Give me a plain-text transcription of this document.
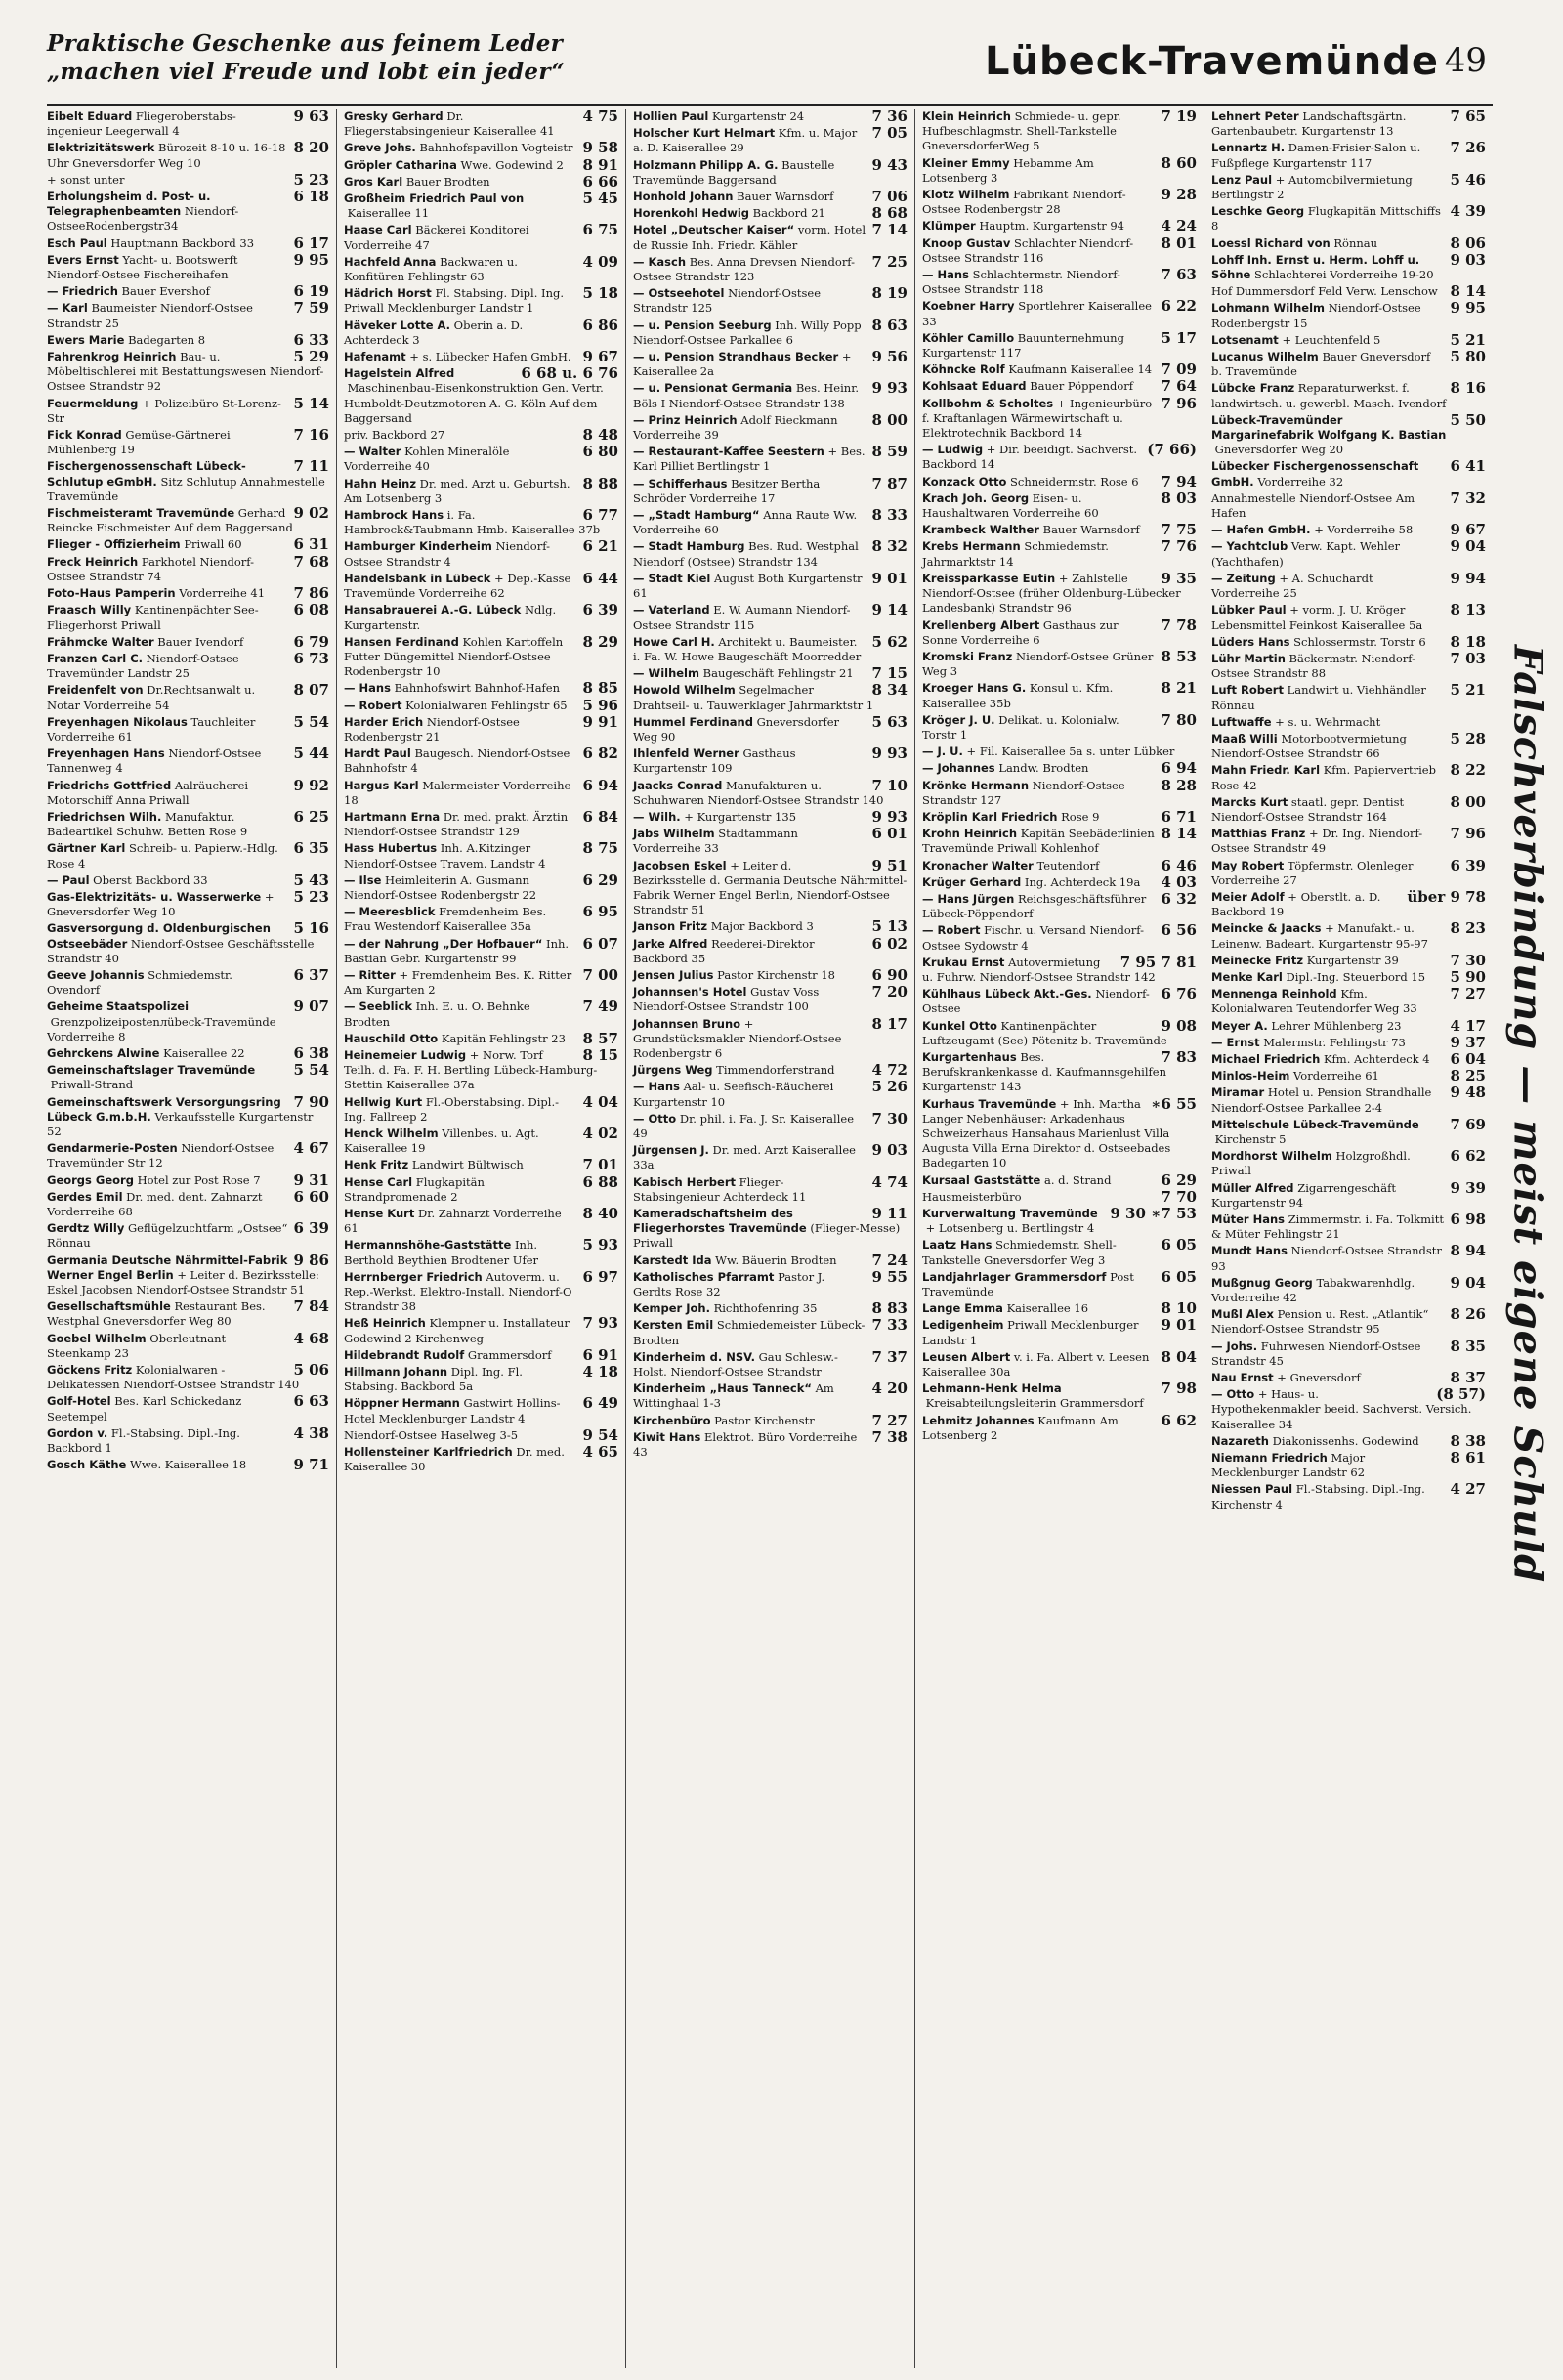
Praktische Geschenke aus feinem Leder
„machen viel Freude und lobt ein jeder“	Lübeck-Travemünde 49
9 63
Eibelt Eduard Fliegeroberstabs-ingenieur Leegerwall 4
8 20
Elektrizitätswerk Bürozeit 8-10 u. 16-18 Uhr Gneversdorfer Weg 10
5 23
+ sonst unter
6 18
Erholungsheim d. Post- u. Telegraphenbeamten Niendorf-OstseeRodenbergstr34
6 17
Esch Paul Hauptmann Backbord 33
9 95
Evers Ernst Yacht- u. Bootswerft Niendorf-Ostsee Fischereihafen
6 19
— Friedrich Bauer Evershof
7 59
— Karl Baumeister Niendorf-Ostsee Strandstr 25
6 33
Ewers Marie Badegarten 8
5 29
Fahrenkrog Heinrich Bau- u. Möbeltischlerei mit Bestattungswesen Niendorf-Ostsee Strandstr 92
5 14
Feuermeldung + Polizeibüro St-Lorenz-Str
7 16
Fick Konrad Gemüse-Gärtnerei Mühlenberg 19
7 11
Fischergenossenschaft Lübeck-Schlutup eGmbH. Sitz Schlutup Annahmestelle Travemünde
9 02
Fischmeisteramt Travemünde Gerhard Reincke Fischmeister Auf dem Baggersand
6 31
Flieger - Offizierheim Priwall 60
7 68
Freck Heinrich Parkhotel Niendorf-Ostsee Strandstr 74
7 86
Foto-Haus Pamperin Vorderreihe 41
6 08
Fraasch Willy Kantinenpächter See-Fliegerhorst Priwall
6 79
Frähmcke Walter Bauer Ivendorf
6 73
Franzen Carl C. Niendorf-Ostsee Travemünder Landstr 25
8 07
Freidenfelt von Dr.Rechtsanwalt u. Notar Vorderreihe 54
5 54
Freyenhagen Nikolaus Tauchleiter Vorderreihe 61
5 44
Freyenhagen Hans Niendorf-Ostsee Tannenweg 4
9 92
Friedrichs Gottfried Aalräucherei Motorschiff Anna Priwall
6 25
Friedrichsen Wilh. Manufaktur. Badeartikel Schuhw. Betten Rose 9
6 35
Gärtner Karl Schreib- u. Papierw.-Hdlg. Rose 4
5 43
— Paul Oberst Backbord 33
5 23
Gas-Elektrizitäts- u. Wasserwerke + Gneversdorfer Weg 10
5 16
Gasversorgung d. Oldenburgischen Ostseebäder Niendorf-Ostsee Geschäftsstelle Strandstr 40
6 37
Geeve Johannis Schmiedemstr. Ovendorf
9 07
Geheime Staatspolizei Grenzpolizeipostenлübeck-Travemünde Vorderreihe 8
6 38
Gehrckens Alwine Kaiserallee 22
5 54
Gemeinschaftslager Travemünde Priwall-Strand
7 90
Gemeinschaftswerk Versorgungsring Lübeck G.m.b.H. Verkaufsstelle Kurgartenstr 52
4 67
Gendarmerie-Posten Niendorf-Ostsee Travemünder Str 12
9 31
Georgs Georg Hotel zur Post Rose 7
6 60
Gerdes Emil Dr. med. dent. Zahnarzt Vorderreihe 68
6 39
Gerdtz Willy Geflügelzuchtfarm „Ostsee“ Rönnau
9 86
Germania Deutsche Nährmittel-Fabrik Werner Engel Berlin + Leiter d. Bezirksstelle: Eskel Jacobsen Niendorf-Ostsee Strandstr 51
7 84
Gesellschaftsmühle Restaurant Bes. Westphal Gneversdorfer Weg 80
4 68
Goebel Wilhelm Oberleutnant Steenkamp 23
5 06
Göckens Fritz Kolonialwaren - Delikatessen Niendorf-Ostsee Strandstr 140
6 63
Golf-Hotel Bes. Karl Schickedanz Seetempel
4 38
Gordon v. Fl.-Stabsing. Dipl.-Ing. Backbord 1
9 71
Gosch Käthe Wwe. Kaiserallee 18
4 75
Gresky Gerhard Dr. Fliegerstabsingenieur Kaiserallee 41
9 58
Greve Johs. Bahnhofspavillon Vogteistr
8 91
Gröpler Catharina Wwe. Godewind 2
6 66
Gros Karl Bauer Brodten
5 45
Großheim Friedrich Paul von Kaiserallee 11
6 75
Haase Carl Bäckerei Konditorei Vorderreihe 47
4 09
Hachfeld Anna Backwaren u. Konfitüren Fehlingstr 63
5 18
Hädrich Horst Fl. Stabsing. Dipl. Ing. Priwall Mecklenburger Landstr 1
6 86
Häveker Lotte A. Oberin a. D. Achterdeck 3
9 67
Hafenamt + s. Lübecker Hafen GmbH.
6 68 u. 6 76
Hagelstein Alfred Maschinenbau-Eisenkonstruktion Gen. Vertr. Humboldt-Deutzmotoren A. G. Köln Auf dem Baggersand
8 48
priv. Backbord 27
6 80
— Walter Kohlen Mineralöle Vorderreihe 40
8 88
Hahn Heinz Dr. med. Arzt u. Geburtsh. Am Lotsenberg 3
6 77
Hambrock Hans i. Fa. Hambrock&Taubmann Hmb. Kaiserallee 37b
6 21
Hamburger Kinderheim Niendorf-Ostsee Strandstr 4
6 44
Handelsbank in Lübeck + Dep.-Kasse Travemünde Vorderreihe 62
6 39
Hansabrauerei A.-G. Lübeck Ndlg. Kurgartenstr.
8 29
Hansen Ferdinand Kohlen Kartoffeln Futter Düngemittel Niendorf-Ostsee Rodenbergstr 10
8 85
— Hans Bahnhofswirt Bahnhof-Hafen
5 96
— Robert Kolonialwaren Fehlingstr 65
9 91
Harder Erich Niendorf-Ostsee Rodenbergstr 21
6 82
Hardt Paul Baugesch. Niendorf-Ostsee Bahnhofstr 4
6 94
Hargus Karl Malermeister Vorderreihe 18
6 84
Hartmann Erna Dr. med. prakt. Ärztin Niendorf-Ostsee Strandstr 129
8 75
Hass Hubertus Inh. A.Kitzinger Niendorf-Ostsee Travem. Landstr 4
6 29
— Ilse Heimleiterin A. Gusmann Niendorf-Ostsee Rodenbergstr 22
6 95
— Meeresblick Fremdenheim Bes. Frau Westendorf Kaiserallee 35a
6 07
— der Nahrung „Der Hofbauer“ Inh. Bastian Gebr. Kurgartenstr 99
7 00
— Ritter + Fremdenheim Bes. K. Ritter Am Kurgarten 2
7 49
— Seeblick Inh. E. u. O. Behnke Brodten
8 57
Hauschild Otto Kapitän Fehlingstr 23
8 15
Heinemeier Ludwig + Norw. Torf Teilh. d. Fa. F. H. Bertling Lübeck-Hamburg-Stettin Kaiserallee 37a
4 04
Hellwig Kurt Fl.-Oberstabsing. Dipl.-Ing. Fallreep 2
4 02
Henck Wilhelm Villenbes. u. Agt. Kaiserallee 19
7 01
Henk Fritz Landwirt Bültwisch
6 88
Hense Carl Flugkapitän Strandpromenade 2
8 40
Hense Kurt Dr. Zahnarzt Vorderreihe 61
5 93
Hermannshöhe-Gaststätte Inh. Berthold Beythien Brodtener Ufer
6 97
Herrnberger Friedrich Autoverm. u. Rep.-Werkst. Elektro-Install. Niendorf-O Strandstr 38
7 93
Heß Heinrich Klempner u. Installateur Godewind 2 Kirchenweg
6 91
Hildebrandt Rudolf Grammersdorf
4 18
Hillmann Johann Dipl. Ing. Fl. Stabsing. Backbord 5a
6 49
Höppner Hermann Gastwirt Hollins-Hotel Mecklenburger Landstr 4
9 54
Niendorf-Ostsee Haselweg 3-5
4 65
Hollensteiner Karlfriedrich Dr. med. Kaiserallee 30
7 36
Hollien Paul Kurgartenstr 24
7 05
Holscher Kurt Helmart Kfm. u. Major a. D. Kaiserallee 29
9 43
Holzmann Philipp A. G. Baustelle Travemünde Baggersand
7 06
Honhold Johann Bauer Warnsdorf
8 68
Horenkohl Hedwig Backbord 21
7 14
Hotel „Deutscher Kaiser“ vorm. Hotel de Russie Inh. Friedr. Kähler
7 25
— Kasch Bes. Anna Drevsen Niendorf-Ostsee Strandstr 123
8 19
— Ostseehotel Niendorf-Ostsee Strandstr 125
8 63
— u. Pension Seeburg Inh. Willy Popp Niendorf-Ostsee Parkallee 6
9 56
— u. Pension Strandhaus Becker + Kaiserallee 2a
9 93
— u. Pensionat Germania Bes. Heinr. Böls I Niendorf-Ostsee Strandstr 138
8 00
— Prinz Heinrich Adolf Rieckmann Vorderreihe 39
8 59
— Restaurant-Kaffee Seestern + Bes. Karl Pilliet Bertlingstr 1
7 87
— Schifferhaus Besitzer Bertha Schröder Vorderreihe 17
8 33
— „Stadt Hamburg“ Anna Raute Ww. Vorderreihe 60
8 32
— Stadt Hamburg Bes. Rud. Westphal Niendorf (Ostsee) Strandstr 134
9 01
— Stadt Kiel August Both Kurgartenstr 61
9 14
— Vaterland E. W. Aumann Niendorf-Ostsee Strandstr 115
5 62
Howe Carl H. Architekt u. Baumeister. i. Fa. W. Howe Baugeschäft Moorredder
7 15
— Wilhelm Baugeschäft Fehlingstr 21
8 34
Howold Wilhelm Segelmacher Drahtseil- u. Tauwerklager Jahrmarktstr 1
5 63
Hummel Ferdinand Gneversdorfer Weg 90
9 93
Ihlenfeld Werner Gasthaus Kurgartenstr 109
7 10
Jaacks Conrad Manufakturen u. Schuhwaren Niendorf-Ostsee Strandstr 140
9 93
— Wilh. + Kurgartenstr 135
6 01
Jabs Wilhelm Stadtammann Vorderreihe 33
9 51
Jacobsen Eskel + Leiter d. Bezirksstelle d. Germania Deutsche Nährmittel-Fabrik Werner Engel Berlin, Niendorf-Ostsee Strandstr 51
5 13
Janson Fritz Major Backbord 3
6 02
Jarke Alfred Reederei-Direktor Backbord 35
6 90
Jensen Julius Pastor Kirchenstr 18
7 20
Johannsen's Hotel Gustav Voss Niendorf-Ostsee Strandstr 100
8 17
Johannsen Bruno + Grundstücksmakler Niendorf-Ostsee Rodenbergstr 6
4 72
Jürgens Weg Timmendorferstrand
5 26
— Hans Aal- u. Seefisch-Räucherei Kurgartenstr 10
7 30
— Otto Dr. phil. i. Fa. J. Sr. Kaiserallee 49
9 03
Jürgensen J. Dr. med. Arzt Kaiserallee 33a
4 74
Kabisch Herbert Flieger-Stabsingenieur Achterdeck 11
9 11
Kameradschaftsheim des Fliegerhorstes Travemünde (Flieger-Messe) Priwall
7 24
Karstedt Ida Ww. Bäuerin Brodten
9 55
Katholisches Pfarramt Pastor J. Gerdts Rose 32
8 83
Kemper Joh. Richthofenring 35
7 33
Kersten Emil Schmiedemeister Lübeck-Brodten
7 37
Kinderheim d. NSV. Gau Schlesw.-Holst. Niendorf-Ostsee Strandstr
4 20
Kinderheim „Haus Tanneck“ Am Wittinghaal 1-3
7 27
Kirchenbüro Pastor Kirchenstr
7 38
Kiwit Hans Elektrot. Büro Vorderreihe 43
7 19
Klein Heinrich Schmiede- u. gepr. Hufbeschlagmstr. Shell-Tankstelle GneversdorferWeg 5
8 60
Kleiner Emmy Hebamme Am Lotsenberg 3
9 28
Klotz Wilhelm Fabrikant Niendorf-Ostsee Rodenbergstr 28
4 24
Klümper Hauptm. Kurgartenstr 94
8 01
Knoop Gustav Schlachter Niendorf-Ostsee Strandstr 116
7 63
— Hans Schlachtermstr. Niendorf-Ostsee Strandstr 118
6 22
Koebner Harry Sportlehrer Kaiserallee 33
5 17
Köhler Camillo Bauunternehmung Kurgartenstr 117
7 09
Köhncke Rolf Kaufmann Kaiserallee 14
7 64
Kohlsaat Eduard Bauer Pöppendorf
7 96
Kollbohm & Scholtes + Ingenieurbüro f. Kraftanlagen Wärmewirtschaft u. Elektrotechnik Backbord 14
(7 66)
— Ludwig + Dir. beeidigt. Sachverst. Backbord 14
7 94
Konzack Otto Schneidermstr. Rose 6
8 03
Krach Joh. Georg Eisen- u. Haushaltwaren Vorderreihe 60
7 75
Krambeck Walther Bauer Warnsdorf
7 76
Krebs Hermann Schmiedemstr. Jahrmarktstr 14
9 35
Kreissparkasse Eutin + Zahlstelle Niendorf-Ostsee (früher Oldenburg-Lübecker Landesbank) Strandstr 96
7 78
Krellenberg Albert Gasthaus zur Sonne Vorderreihe 6
8 53
Kromski Franz Niendorf-Ostsee Grüner Weg 3
8 21
Kroeger Hans G. Konsul u. Kfm. Kaiserallee 35b
7 80
Kröger J. U. Delikat. u. Kolonialw. Torstr 1
— J. U. + Fil. Kaiserallee 5a s. unter Lübker
6 94
— Johannes Landw. Brodten
8 28
Krönke Hermann Niendorf-Ostsee Strandstr 127
6 71
Kröplin Karl Friedrich Rose 9
8 14
Krohn Heinrich Kapitän Seebäderlinien Travemünde Priwall Kohlenhof
6 46
Kronacher Walter Teutendorf
4 03
Krüger Gerhard Ing. Achterdeck 19a
6 32
— Hans Jürgen Reichsgeschäftsführer Lübeck-Pöppendorf
6 56
— Robert Fischr. u. Versand Niendorf-Ostsee Sydowstr 4
7 95 7 81
Krukau Ernst Autovermietung u. Fuhrw. Niendorf-Ostsee Strandstr 142
6 76
Kühlhaus Lübeck Akt.-Ges. Niendorf-Ostsee
9 08
Kunkel Otto Kantinenpächter Luftzeugamt (See) Pötenitz b. Travemünde
7 83
Kurgartenhaus Bes. Berufskrankenkasse d. Kaufmannsgehilfen Kurgartenstr 143
∗6 55
Kurhaus Travemünde + Inh. Martha Langer Nebenhäuser: Arkadenhaus Schweizerhaus Hansahaus Marienlust Villa Augusta Villa Erna Direktor d. Ostseebades Badegarten 10
6 29
Kursaal Gaststätte a. d. Strand
7 70
Hausmeisterbüro
9 30 ∗7 53
Kurverwaltung Travemünde + Lotsenberg u. Bertlingstr 4
6 05
Laatz Hans Schmiedemstr. Shell-Tankstelle Gneversdorfer Weg 3
6 05
Landjahrlager Grammersdorf Post Travemünde
8 10
Lange Emma Kaiserallee 16
9 01
Ledigenheim Priwall Mecklenburger Landstr 1
8 04
Leusen Albert v. i. Fa. Albert v. Leesen Kaiserallee 30a
7 98
Lehmann-Henk Helma Kreisabteilungsleiterin Grammersdorf
6 62
Lehmitz Johannes Kaufmann Am Lotsenberg 2
7 65
Lehnert Peter Landschaftsgärtn. Gartenbaubetr. Kurgartenstr 13
7 26
Lennartz H. Damen-Frisier-Salon u. Fußpflege Kurgartenstr 117
5 46
Lenz Paul + Automobilvermietung Bertlingstr 2
4 39
Leschke Georg Flugkapitän Mittschiffs 8
8 06
Loessl Richard von Rönnau
9 03
Lohff Inh. Ernst u. Herm. Lohff u. Söhne Schlachterei Vorderreihe 19-20
8 14
Hof Dummersdorf Feld Verw. Lenschow
9 95
Lohmann Wilhelm Niendorf-Ostsee Rodenbergstr 15
5 21
Lotsenamt + Leuchtenfeld 5
5 80
Lucanus Wilhelm Bauer Gneversdorf b. Travemünde
8 16
Lübcke Franz Reparaturwerkst. f. landwirtsch. u. gewerbl. Masch. Ivendorf
5 50
Lübeck-Travemünder Margarinefabrik Wolfgang K. Bastian Gneversdorfer Weg 20
6 41
Lübecker Fischergenossenschaft GmbH. Vorderreihe 32
7 32
Annahmestelle Niendorf-Ostsee Am Hafen
9 67
— Hafen GmbH. + Vorderreihe 58
9 04
— Yachtclub Verw. Kapt. Wehler (Yachthafen)
9 94
— Zeitung + A. Schuchardt Vorderreihe 25
8 13
Lübker Paul + vorm. J. U. Kröger Lebensmittel Feinkost Kaiserallee 5a
8 18
Lüders Hans Schlossermstr. Torstr 6
7 03
Lühr Martin Bäckermstr. Niendorf-Ostsee Strandstr 88
5 21
Luft Robert Landwirt u. Viehhändler Rönnau
Luftwaffe + s. u. Wehrmacht
5 28
Maaß Willi Motorbootvermietung Niendorf-Ostsee Strandstr 66
8 22
Mahn Friedr. Karl Kfm. Papiervertrieb Rose 42
8 00
Marcks Kurt staatl. gepr. Dentist Niendorf-Ostsee Strandstr 164
7 96
Matthias Franz + Dr. Ing. Niendorf-Ostsee Strandstr 49
6 39
May Robert Töpfermstr. Olenleger Vorderreihe 27
über 9 78
Meier Adolf + Oberstlt. a. D. Backbord 19
8 23
Meincke & Jaacks + Manufakt.- u. Leinenw. Badeart. Kurgartenstr 95-97
7 30
Meinecke Fritz Kurgartenstr 39
5 90
Menke Karl Dipl.-Ing. Steuerbord 15
7 27
Mennenga Reinhold Kfm. Kolonialwaren Teutendorfer Weg 33
4 17
Meyer A. Lehrer Mühlenberg 23
9 37
— Ernst Malermstr. Fehlingstr 73
6 04
Michael Friedrich Kfm. Achterdeck 4
8 25
Minlos-Heim Vorderreihe 61
9 48
Miramar Hotel u. Pension Strandhalle Niendorf-Ostsee Parkallee 2-4
7 69
Mittelschule Lübeck-Travemünde Kirchenstr 5
6 62
Mordhorst Wilhelm Holzgroßhdl. Priwall
9 39
Müller Alfred Zigarrengeschäft Kurgartenstr 94
6 98
Müter Hans Zimmermstr. i. Fa. Tolkmitt & Müter Fehlingstr 21
8 94
Mundt Hans Niendorf-Ostsee Strandstr 93
9 04
Mußgnug Georg Tabakwarenhdlg. Vorderreihe 42
8 26
Mußl Alex Pension u. Rest. „Atlantik“ Niendorf-Ostsee Strandstr 95
8 35
— Johs. Fuhrwesen Niendorf-Ostsee Strandstr 45
8 37
Nau Ernst + Gneversdorf
(8 57)
— Otto + Haus- u. Hypothekenmakler beeid. Sachverst. Versich. Kaiserallee 34
8 38
Nazareth Diakonissenhs. Godewind
8 61
Niemann Friedrich Major Mecklenburger Landstr 62
4 27
Niessen Paul Fl.-Stabsing. Dipl.-Ing. Kirchenstr 4	Falschverbindung — meist eigene Schuld
